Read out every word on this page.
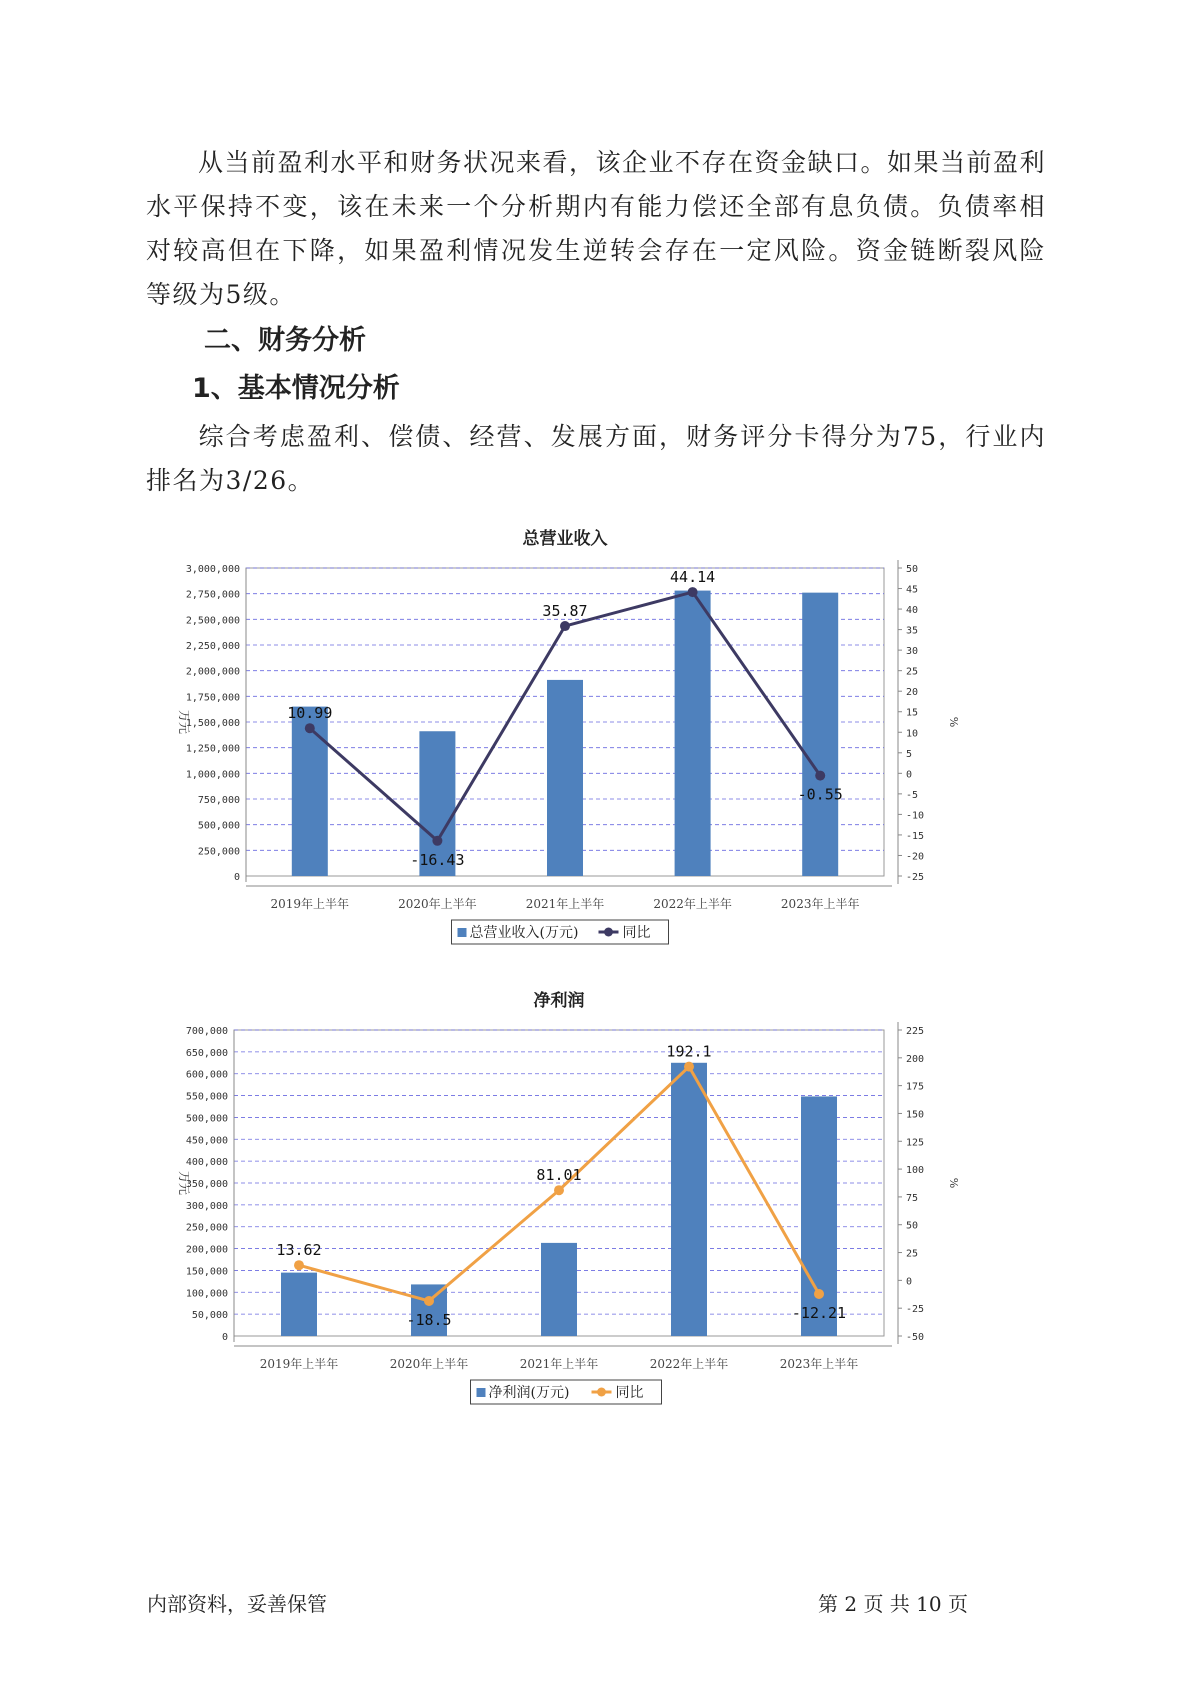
从当前盈利水平和财务状况来看，该企业不存在资金缺口。如果当前盈利水平保持不变，该在未来一个分析期内有能力偿还全部有息负债。负债率相对较高但在下降，如果盈利情况发生逆转会存在一定风险。资金链断裂风险等级为5级。

二、财务分析
1、基本情况分析

综合考虑盈利、偿债、经营、发展方面，财务评分卡得分为75，行业内排名为3/26。

总营业收入
0
250,000
500,000
750,000
1,000,000
1,250,000
1,500,000
1,750,000
2,000,000
2,250,000
2,500,000
2,750,000
3,000,000
万元
-25
-20
-15
-10
-5
0
5
10
15
20
25
30
35
40
45
50
%
2019年上半年	2020年上半年	2021年上半年	2022年上半年	2023年上半年
10.99
-16.43
35.87
44.14
-0.55
总营业收入(万元)	同比
净利润
0
50,000
100,000
150,000
200,000
250,000
300,000
350,000
400,000
450,000
500,000
550,000
600,000
650,000
700,000
万元
-50
-25
0
25
50
75
100
125
150
175
200
225
%
2019年上半年	2020年上半年	2021年上半年	2022年上半年	2023年上半年
13.62
-18.5
81.01
192.1
-12.21
净利润(万元)	同比
内部资料，妥善保管	第 2 页 共 10 页
